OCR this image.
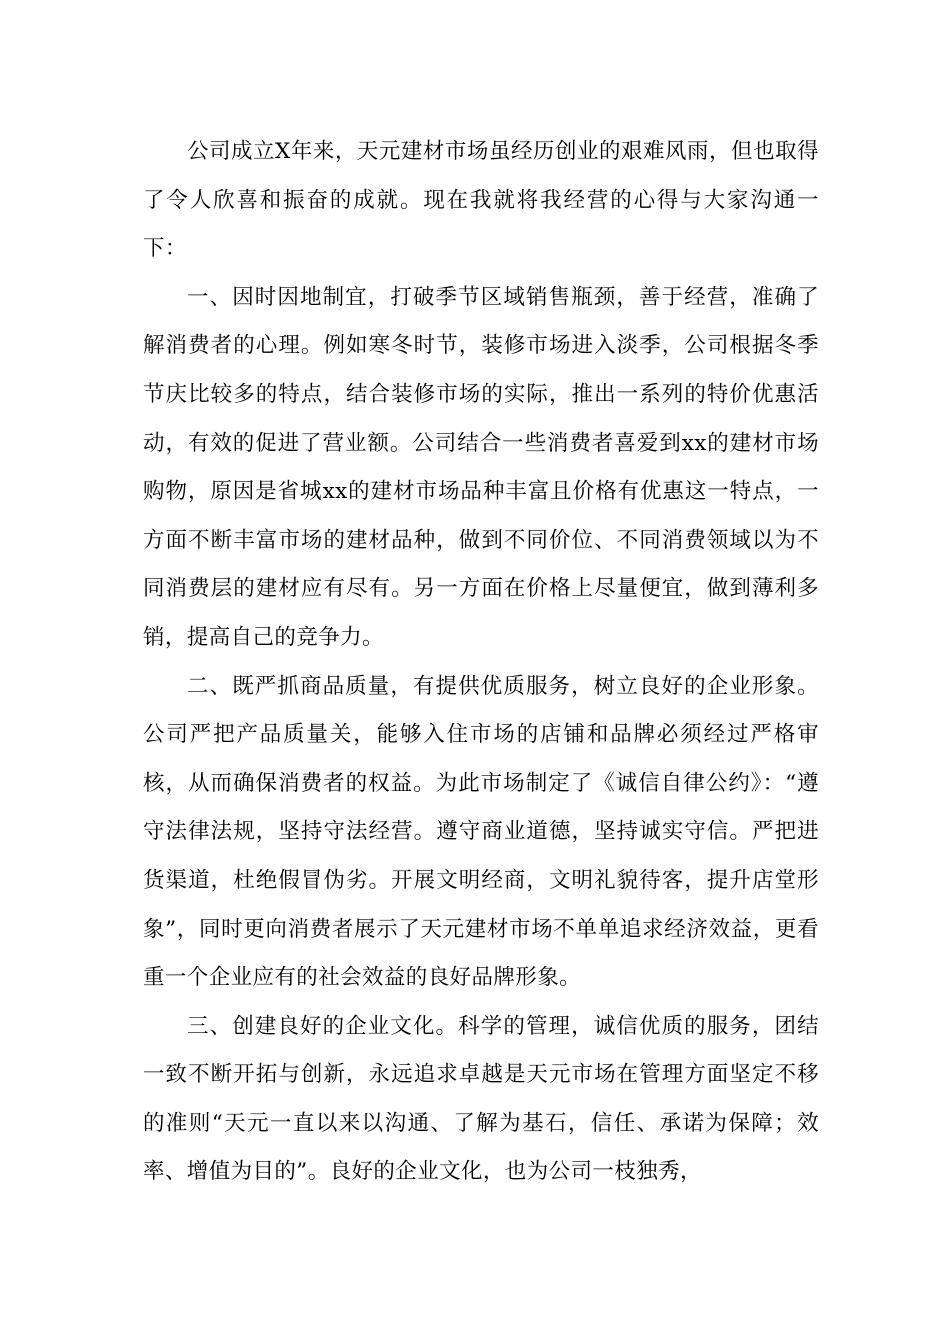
公司成立X年来，天元建材市场虽经历创业的艰难风雨，但也取得了令人欣喜和振奋的成就。现在我就将我经营的心得与大家沟通一下：

一、因时因地制宜，打破季节区域销售瓶颈，善于经营，准确了解消费者的心理。例如寒冬时节，装修市场进入淡季，公司根据冬季节庆比较多的特点，结合装修市场的实际，推出一系列的特价优惠活动，有效的促进了营业额。公司结合一些消费者喜爱到xx的建材市场购物，原因是省城xx的建材市场品种丰富且价格有优惠这一特点，一方面不断丰富市场的建材品种，做到不同价位、不同消费领域以为不同消费层的建材应有尽有。另一方面在价格上尽量便宜，做到薄利多销，提高自己的竞争力。

二、既严抓商品质量，有提供优质服务，树立良好的企业形象。公司严把产品质量关，能够入住市场的店铺和品牌必须经过严格审核，从而确保消费者的权益。为此市场制定了《诚信自律公约》：“遵守法律法规，坚持守法经营。遵守商业道德，坚持诚实守信。严把进货渠道，杜绝假冒伪劣。开展文明经商，文明礼貌待客，提升店堂形象”，同时更向消费者展示了天元建材市场不单单追求经济效益，更看重一个企业应有的社会效益的良好品牌形象。

三、创建良好的企业文化。科学的管理，诚信优质的服务，团结一致不断开拓与创新，永远追求卓越是天元市场在管理方面坚定不移的准则“天元一直以来以沟通、了解为基石，信任、承诺为保障；效率、增值为目的”。良好的企业文化，也为公司一枝独秀，
